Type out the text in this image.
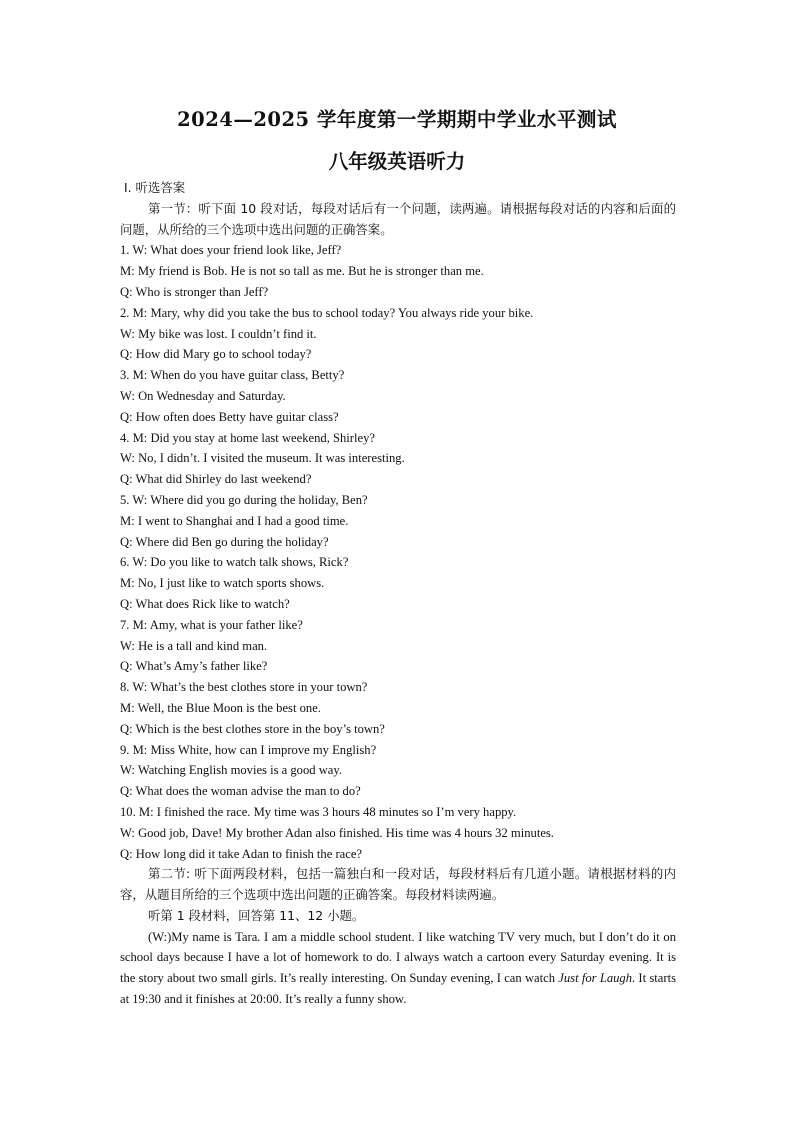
2024—2025 学年度第一学期期中学业水平测试
八年级英语听力
Ⅰ. 听选答案
第一节：听下面 10 段对话，每段对话后有一个问题，读两遍。请根据每段对话的内容和后面的问题，从所给的三个选项中选出问题的正确答案。
1. W: What does your friend look like, Jeff?
M: My friend is Bob. He is not so tall as me. But he is stronger than me.
Q: Who is stronger than Jeff?
2. M: Mary, why did you take the bus to school today? You always ride your bike.
W: My bike was lost. I couldn’t find it.
Q: How did Mary go to school today?
3. M: When do you have guitar class, Betty?
W: On Wednesday and Saturday.
Q: How often does Betty have guitar class?
4. M: Did you stay at home last weekend, Shirley?
W: No, I didn’t. I visited the museum. It was interesting.
Q: What did Shirley do last weekend?
5. W: Where did you go during the holiday, Ben?
M: I went to Shanghai and I had a good time.
Q: Where did Ben go during the holiday?
6. W: Do you like to watch talk shows, Rick?
M: No, I just like to watch sports shows.
Q: What does Rick like to watch?
7. M: Amy, what is your father like?
W: He is a tall and kind man.
Q: What’s Amy’s father like?
8. W: What’s the best clothes store in your town?
M: Well, the Blue Moon is the best one.
Q: Which is the best clothes store in the boy’s town?
9. M: Miss White, how can I improve my English?
W: Watching English movies is a good way.
Q: What does the woman advise the man to do?
10. M: I finished the race. My time was 3 hours 48 minutes so I’m very happy.
W: Good job, Dave! My brother Adan also finished. His time was 4 hours 32 minutes.
Q: How long did it take Adan to finish the race?
第二节: 听下面两段材料，包括一篇独白和一段对话，每段材料后有几道小题。请根据材料的内容，从题目所给的三个选项中选出问题的正确答案。每段材料读两遍。
听第 1 段材料，回答第 11、12 小题。
(W:)My name is Tara. I am a middle school student. I like watching TV very much, but I don’t do it on school days because I have a lot of homework to do. I always watch a cartoon every Saturday evening. It is the story about two small girls. It’s really interesting. On Sunday evening, I can watch Just for Laugh. It starts at 19:30 and it finishes at 20:00. It’s really a funny show.
